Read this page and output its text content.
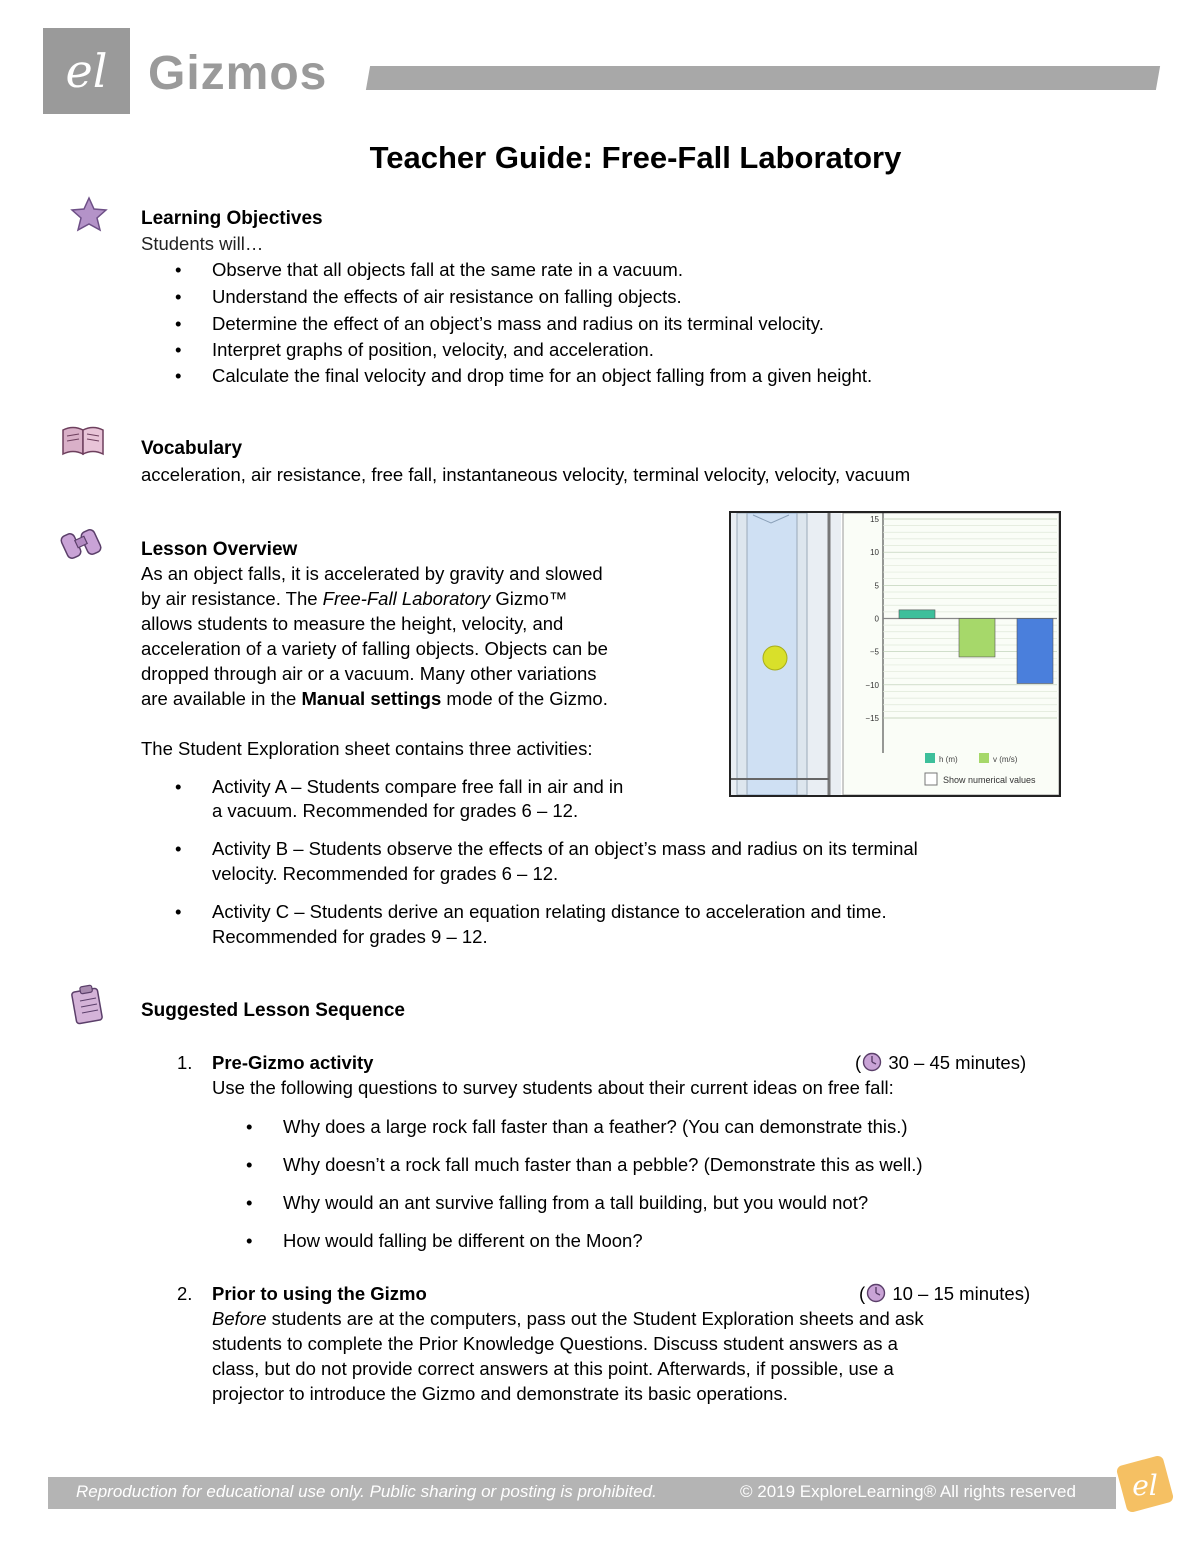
el Gizmos
Teacher Guide: Free-Fall Laboratory
Learning Objectives
Students will…
•
Observe that all objects fall at the same rate in a vacuum.
•
Understand the effects of air resistance on falling objects.
•
Determine the effect of an object’s mass and radius on its terminal velocity.
•
Interpret graphs of position, velocity, and acceleration.
•
Calculate the final velocity and drop time for an object falling from a given height.
Vocabulary
acceleration, air resistance, free fall, instantaneous velocity, terminal velocity, velocity, vacuum
Lesson Overview
As an object falls, it is accelerated by gravity and slowed
by air resistance. The Free-Fall Laboratory Gizmo™
allows students to measure the height, velocity, and
acceleration of a variety of falling objects. Objects can be
dropped through air or a vacuum. Many other variations
are available in the Manual settings mode of the Gizmo.
The Student Exploration sheet contains three activities:
•
Activity A – Students compare free fall in air and in
a vacuum. Recommended for grades 6 – 12.
•
Activity B – Students observe the effects of an object’s mass and radius on its terminal
velocity. Recommended for grades 6 – 12.
•
Activity C – Students derive an equation relating distance to acceleration and time.
Recommended for grades 9 – 12.
15
10
5
0
−5
−10
−15
h (m)	v (m/s)
Show numerical values
Suggested Lesson Sequence
1. Pre-Gizmo activity	( 30 – 45 minutes)
Use the following questions to survey students about their current ideas on free fall:
•
Why does a large rock fall faster than a feather? (You can demonstrate this.)
•
Why doesn’t a rock fall much faster than a pebble? (Demonstrate this as well.)
•
Why would an ant survive falling from a tall building, but you would not?
•
How would falling be different on the Moon?
2. Prior to using the Gizmo	( 10 – 15 minutes)
Before students are at the computers, pass out the Student Exploration sheets and ask
students to complete the Prior Knowledge Questions. Discuss student answers as a
class, but do not provide correct answers at this point. Afterwards, if possible, use a
projector to introduce the Gizmo and demonstrate its basic operations.
Reproduction for educational use only. Public sharing or posting is prohibited.	© 2019 ExploreLearning® All rights reserved el
